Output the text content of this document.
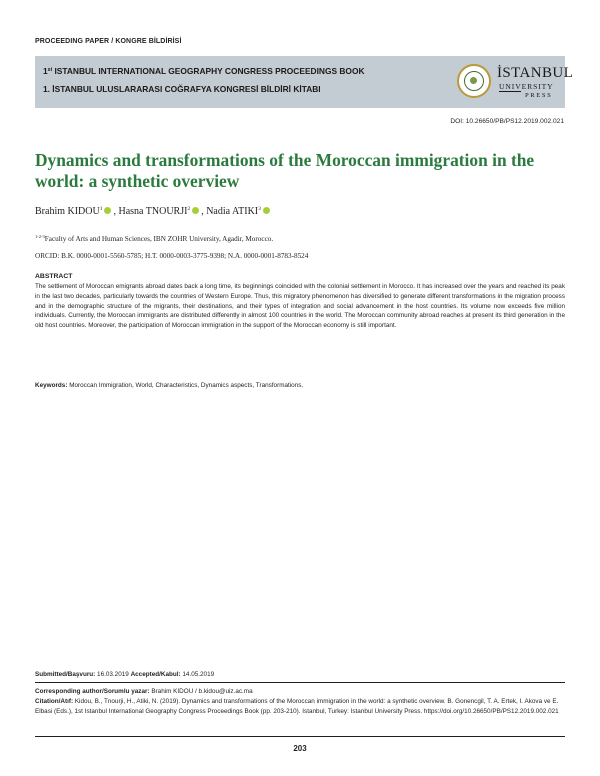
PROCEEDING PAPER / KONGRE BİLDİRİSİ
1st ISTANBUL INTERNATIONAL GEOGRAPHY CONGRESS PROCEEDINGS BOOK
1. İSTANBUL ULUSLARARASI COĞRAFYA KONGRESİ BİLDİRİ KİTABI
İSTANBUL
UNIVERSITY
PRESS
DOI: 10.26650/PB/PS12.2019.002.021
Dynamics and transformations of the Moroccan immigration in the world: a synthetic overview
Brahim KIDOU$^1$ , Hasna TNOURJI$^2$ , Nadia ATIKI$^3$
$^{1-2-3}$Faculty of Arts and Human Sciences, IBN ZOHR University, Agadir, Morocco.
ORCID: B.K. 0000-0001-5560-5785; H.T. 0000-0003-3775-9398; N.A. 0000-0001-8783-8524
ABSTRACT
The settlement of Moroccan emigrants abroad dates back a long time, its beginnings coincided with the colonial settlement in Morocco. It has increased over the years and reached its peak in the last two decades, particularly towards the countries of Western Europe. Thus, this migratory phenomenon has diversified to generate different transformations in the migration process and in the demographic structure of the migrants, their destinations, and their types of integration and social advancement in the host countries. Its volume now exceeds five million individuals. Currently, the Moroccan immigrants are distributed differently in almost 100 countries in the world. The Moroccan community abroad reaches at present its third generation in the old host countries. Moreover, the participation of Moroccan immigration in the support of the Moroccan economy is still important.
Keywords: Moroccan Immigration, World, Characteristics, Dynamics aspects, Transformations.
Submitted/Başvuru: 16.03.2019 Accepted/Kabul: 14.05.2019
Corresponding author/Sorumlu yazar: Brahim KIDOU / b.kidou@uiz.ac.ma
Citation/Atıf: Kidou, B., Tnourji, H., Atiki, N. (2019). Dynamics and transformations of the Moroccan immigration in the world: a synthetic overview. B. Gonencgil, T. A. Ertek, I. Akova ve E. Elbasi (Eds.), 1st Istanbul International Geography Congress Proceedings Book (pp. 203-210). Istanbul, Turkey: Istanbul University Press. https://doi.org/10.26650/PB/PS12.2019.002.021
203
